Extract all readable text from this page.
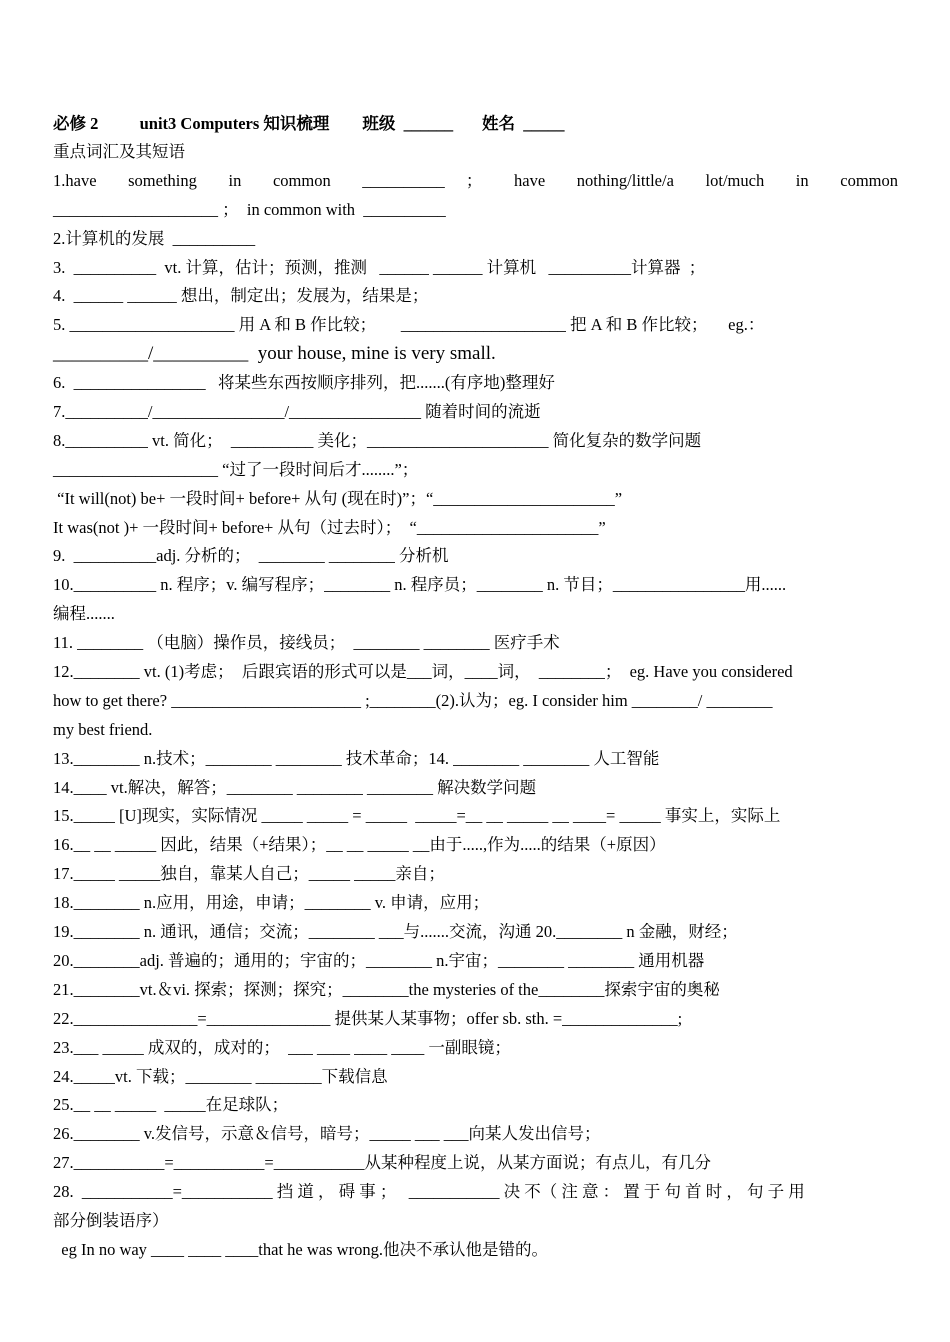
必修 2          unit3 Computers 知识梳理        班级  ______       姓名  _____
重点词汇及其短语
1.have   something   in   common   __________  ；   have   nothing/little/a   lot/much   in   common
____________________ ；  in common with  __________
2.计算机的发展  __________
3.  __________  vt. 计算，估计；预测，推测   ______ ______ 计算机   __________计算器  ；
4.  ______ ______ 想出，制定出；发展为，结果是；
5. ____________________ 用 A 和 B 作比较；      ____________________ 把 A 和 B 作比较；     eg.：
__________/__________  your house, mine is very small.
6.  ________________   将某些东西按顺序排列，把.......(有序地)整理好
7.__________/________________/________________ 随着时间的流逝
8.__________ vt. 简化；  __________ 美化；______________________ 简化复杂的数学问题
____________________ “过了一段时间后才........”；
“It will(not) be+ 一段时间+ before+ 从句 (现在时)”；“______________________”
It was(not )+ 一段时间+ before+ 从句（过去时）；  “______________________”
9.  __________adj. 分析的；  ________ ________ 分析机
10.__________ n. 程序；v. 编写程序；________ n. 程序员；________ n. 节目；________________用......
编程.......
11. ________ （电脑）操作员，接线员；  ________ ________ 医疗手术
12.________ vt. (1)考虑；  后跟宾语的形式可以是___词，____词，  ________；  eg. Have you considered
how to get there? _______________________ ;________(2).认为；eg. I consider him ________/ ________
my best friend.
13.________ n.技术；________ ________ 技术革命；14. ________ ________ 人工智能
14.____ vt.解决，解答；________ ________ ________ 解决数学问题
15._____ [U]现实，实际情况 _____ _____ = _____  _____=__ __ _____ __ ____= _____ 事实上，实际上
16.__ __ _____ 因此，结果（+结果）；__ __ _____ __由于.....,作为.....的结果（+原因）
17._____ _____独自，靠某人自己；_____ _____亲自；
18.________ n.应用，用途，申请；________ v. 申请，应用；
19.________ n. 通讯，通信；交流；________ ___与.......交流，沟通 20.________ n 金融，财经；
20.________adj. 普遍的；通用的；宇宙的；________ n.宇宙；________ ________ 通用机器
21.________vt.＆vi. 探索；探测；探究；________the mysteries of the________探索宇宙的奥秘
22._______________=_______________ 提供某人某事物；offer sb. sth. =______________;
23.___ _____ 成双的，成对的；  ___ ____ ____ ____ 一副眼镜；
24._____vt. 下载；________ ________下载信息
25.__ __ _____  _____在足球队；
26.________ v.发信号，示意＆信号，暗号；_____ ___ ___向某人发出信号；
27.___________=___________=___________从某种程度上说，从某方面说；有点儿，有几分
28.  ___________=___________ 挡 道 ， 碍 事 ；   ___________ 决 不（ 注 意 ： 置 于 句 首 时 ， 句 子 用
部分倒装语序）
eg In no way ____ ____ ____that he was wrong.他决不承认他是错的。
